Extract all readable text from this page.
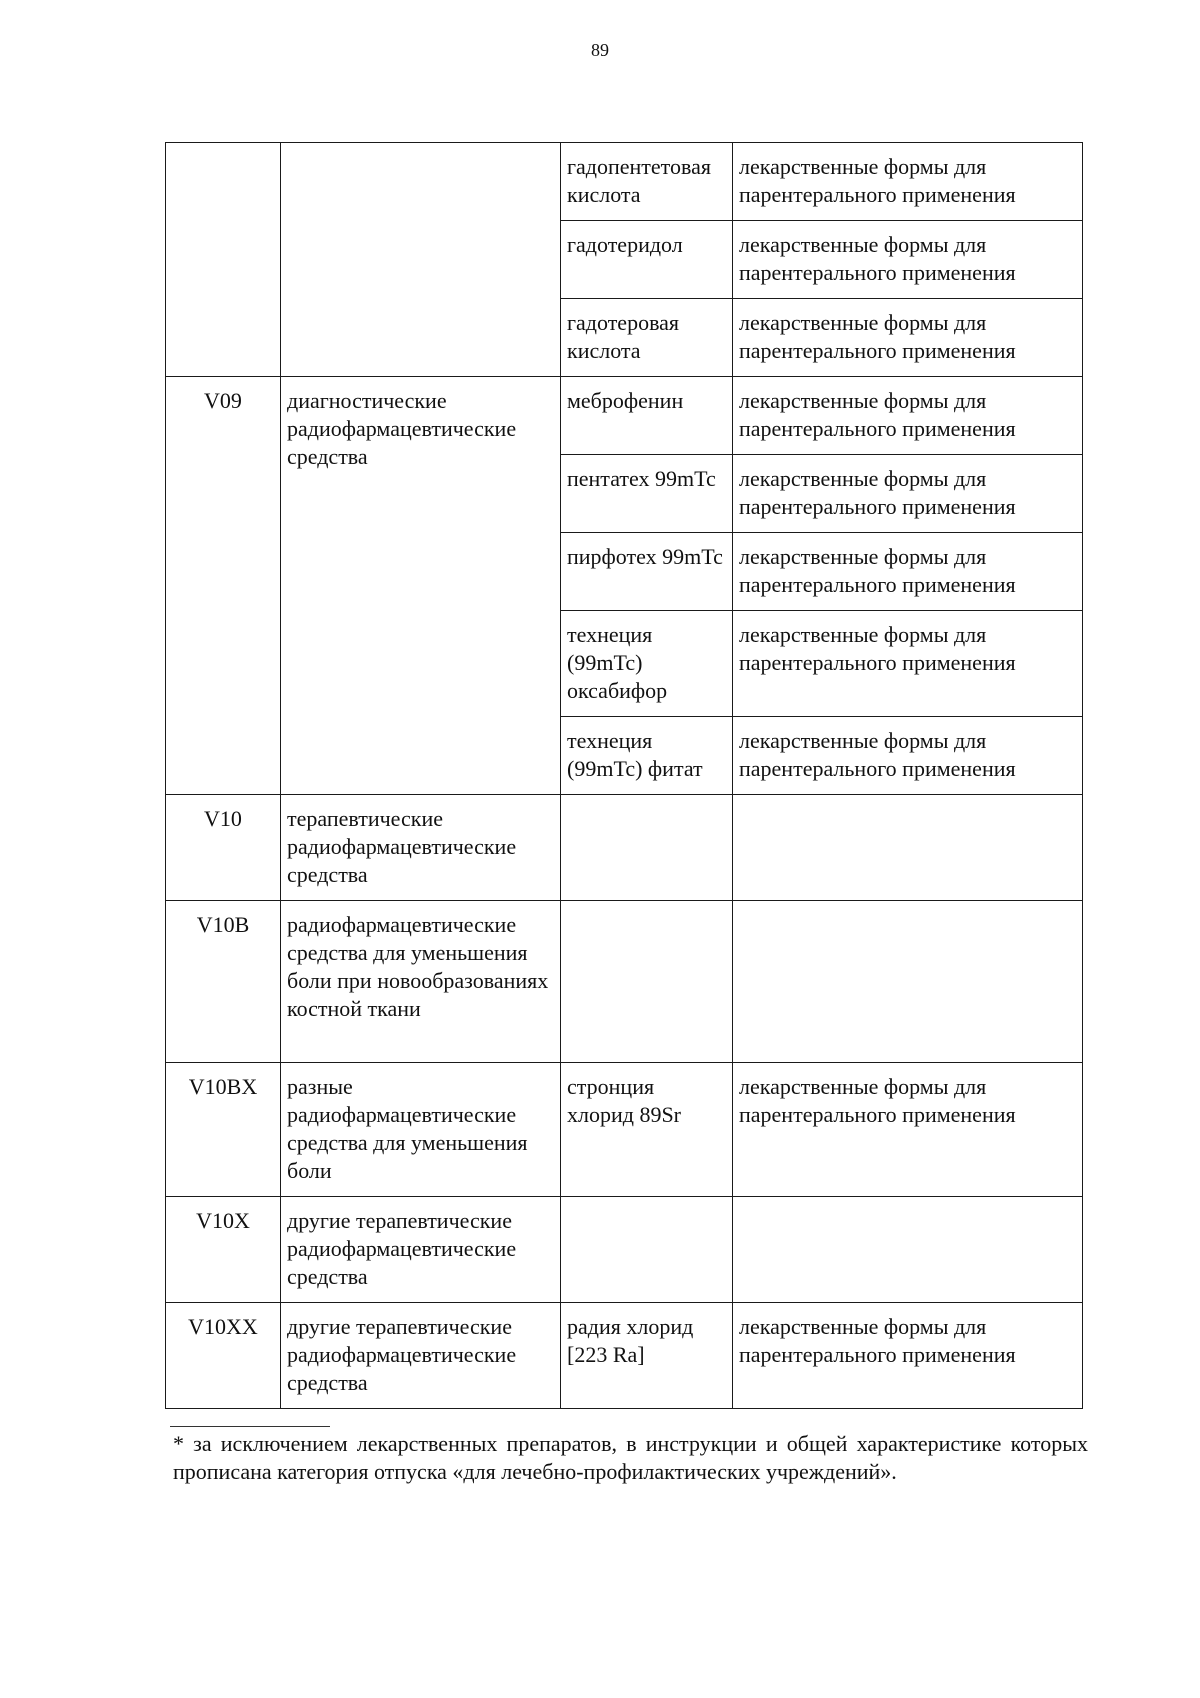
89
		гадопентетовая кислота	лекарственные формы для парентерального применения
		гадотеридол	лекарственные формы для парентерального применения
		гадотеровая кислота	лекарственные формы для парентерального применения
V09	диагностические радиофармацевтические средства	меброфенин	лекарственные формы для парентерального применения
		пентатех 99mTc	лекарственные формы для парентерального применения
		пирфотех 99mTc	лекарственные формы для парентерального применения
		технеция (99mTc) оксабифор	лекарственные формы для парентерального применения
		технеция (99mTc) фитат	лекарственные формы для парентерального применения
V10	терапевтические радиофармацевтические средства		
V10B	радиофармацевтические средства для уменьшения боли при новообразованиях костной ткани		
V10BX	разные радиофармацевтические средства для уменьшения боли	стронция хлорид 89Sr	лекарственные формы для парентерального применения
V10X	другие терапевтические радиофармацевтические средства		
V10XX	другие терапевтические радиофармацевтические средства	радия хлорид [223 Ra]	лекарственные формы для парентерального применения
* за исключением лекарственных препаратов, в инструкции и общей характеристике которых прописана категория отпуска «для лечебно-профилактических учреждений».
